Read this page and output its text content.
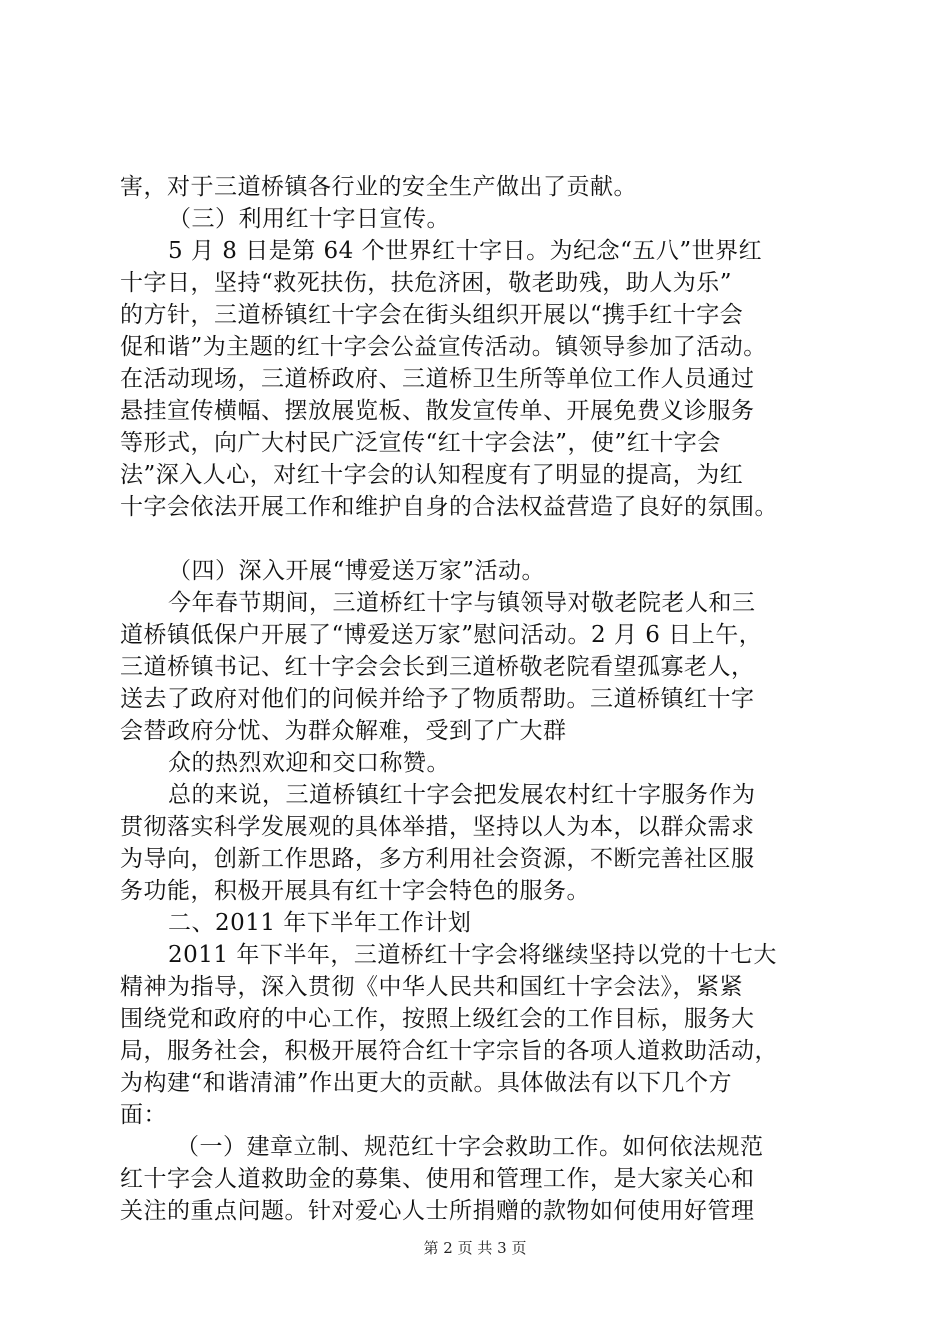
害，对于三道桥镇各行业的安全生产做出了贡献。
（三）利用红十字日宣传。
5 月 8 日是第 64 个世界红十字日。为纪念“五八”世界红
十字日，坚持“救死扶伤，扶危济困，敬老助残，助人为乐”
的方针，三道桥镇红十字会在街头组织开展以“携手红十字会
促和谐”为主题的红十字会公益宣传活动。镇领导参加了活动。
在活动现场，三道桥政府、三道桥卫生所等单位工作人员通过
悬挂宣传横幅、摆放展览板、散发宣传单、开展免费义诊服务
等形式，向广大村民广泛宣传“红十字会法”，使”红十字会
法”深入人心，对红十字会的认知程度有了明显的提高，为红
十字会依法开展工作和维护自身的合法权益营造了良好的氛围。
（四）深入开展“博爱送万家”活动。
今年春节期间，三道桥红十字与镇领导对敬老院老人和三
道桥镇低保户开展了“博爱送万家”慰问活动。2 月 6 日上午，
三道桥镇书记、红十字会会长到三道桥敬老院看望孤寡老人，
送去了政府对他们的问候并给予了物质帮助。三道桥镇红十字
会替政府分忧、为群众解难，受到了广大群
众的热烈欢迎和交口称赞。
总的来说，三道桥镇红十字会把发展农村红十字服务作为
贯彻落实科学发展观的具体举措，坚持以人为本，以群众需求
为导向，创新工作思路，多方利用社会资源，不断完善社区服
务功能，积极开展具有红十字会特色的服务。
二、2011 年下半年工作计划
2011 年下半年，三道桥红十字会将继续坚持以党的十七大
精神为指导，深入贯彻《中华人民共和国红十字会法》，紧紧
围绕党和政府的中心工作，按照上级红会的工作目标，服务大
局，服务社会，积极开展符合红十字宗旨的各项人道救助活动，
为构建“和谐清浦”作出更大的贡献。具体做法有以下几个方
面：
（一）建章立制、规范红十字会救助工作。如何依法规范
红十字会人道救助金的募集、使用和管理工作，是大家关心和
关注的重点问题。针对爱心人士所捐赠的款物如何使用好管理
第 2 页 共 3 页
